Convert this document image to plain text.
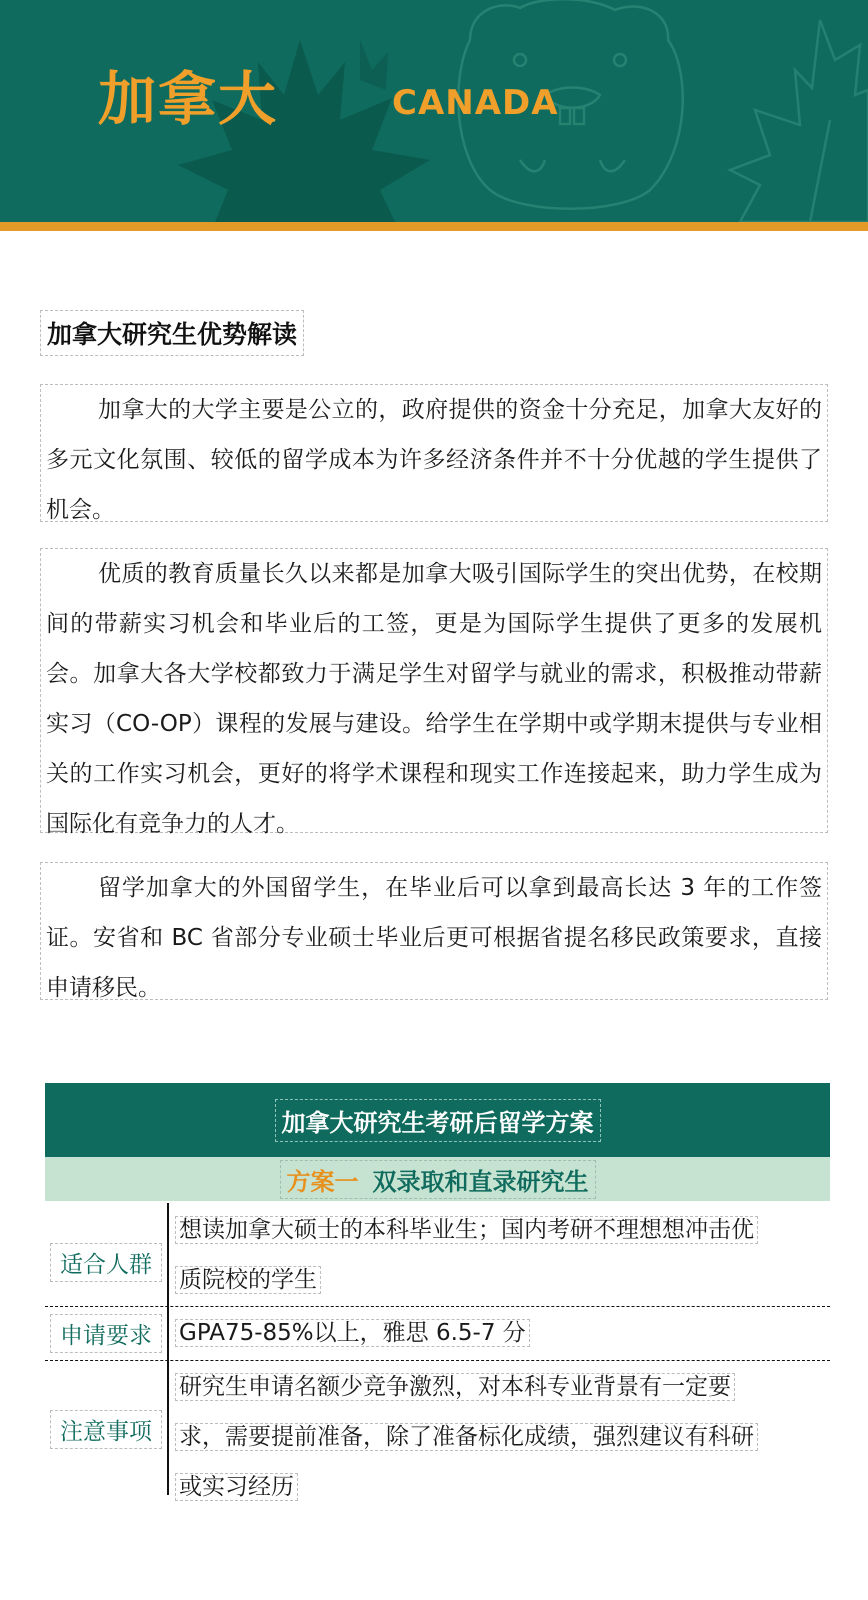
加拿大	CANADA
加拿大研究生优势解读
加拿大的大学主要是公立的，政府提供的资金十分充足，加拿大友好的多元文化氛围、较低的留学成本为许多经济条件并不十分优越的学生提供了机会。
优质的教育质量长久以来都是加拿大吸引国际学生的突出优势，在校期间的带薪实习机会和毕业后的工签，更是为国际学生提供了更多的发展机会。加拿大各大学校都致力于满足学生对留学与就业的需求，积极推动带薪实习（CO-OP）课程的发展与建设。给学生在学期中或学期末提供与专业相关的工作实习机会，更好的将学术课程和现实工作连接起来，助力学生成为国际化有竞争力的人才。
留学加拿大的外国留学生，在毕业后可以拿到最高长达 3 年的工作签证。安省和 BC 省部分专业硕士毕业后更可根据省提名移民政策要求，直接申请移民。
加拿大研究生考研后留学方案
方案一 双录取和直录研究生
适合人群
想读加拿大硕士的本科毕业生；国内考研不理想想冲击优
质院校的学生
申请要求	GPA75-85%以上，雅思 6.5-7 分
注意事项
研究生申请名额少竞争激烈，对本科专业背景有一定要
求，需要提前准备，除了准备标化成绩，强烈建议有科研
或实习经历
